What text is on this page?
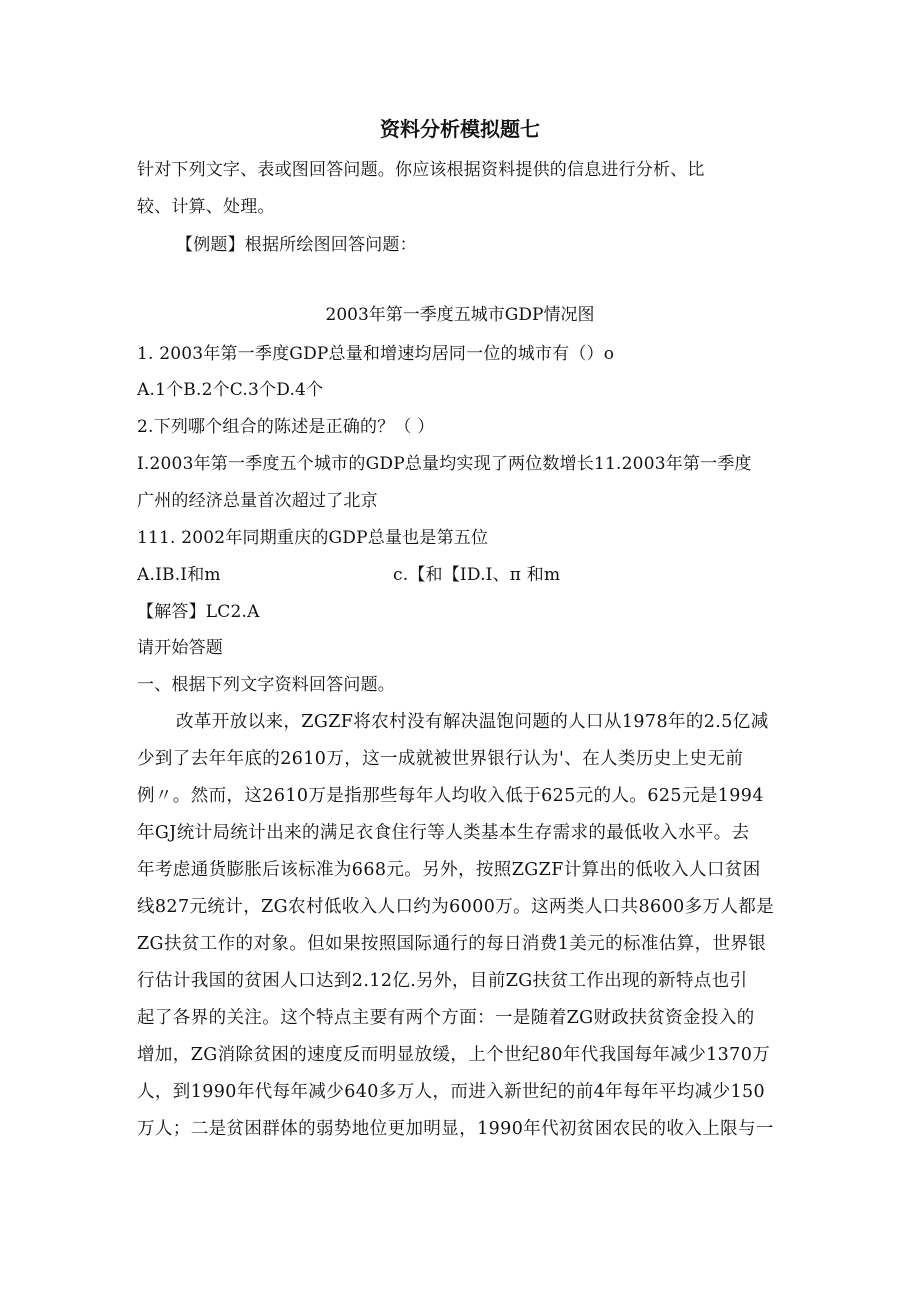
资料分析模拟题七
针对下列文字、表或图回答问题。你应该根据资料提供的信息进行分析、比
较、计算、处理。
【例题】根据所绘图回答问题：
2003年第一季度五城市GDP情况图
1. 2003年第一季度GDP总量和增速均居同一位的城市有（）o
A.1个B.2个C.3个D.4个
2.下列哪个组合的陈述是正确的？（ ）
I.2003年第一季度五个城市的GDP总量均实现了两位数增长11.2003年第一季度
广州的经济总量首次超过了北京
111. 2002年同期重庆的GDP总量也是第五位
A.IB.I和m	c.【和【ID.I、π 和m
【解答】LC2.A
请开始答题
一、根据下列文字资料回答问题。
改革开放以来，ZGZF将农村没有解决温饱问题的人口从1978年的2.5亿减
少到了去年年底的2610万，这一成就被世界银行认为'、在人类历史上史无前
例〃。然而，这2610万是指那些每年人均收入低于625元的人。625元是1994
年GJ统计局统计出来的满足衣食住行等人类基本生存需求的最低收入水平。去
年考虑通货膨胀后该标准为668元。另外，按照ZGZF计算出的低收入人口贫困
线827元统计，ZG农村低收入人口约为6000万。这两类人口共8600多万人都是
ZG扶贫工作的对象。但如果按照国际通行的每日消费1美元的标准估算，世界银
行估计我国的贫困人口达到2.12亿.另外，目前ZG扶贫工作出现的新特点也引
起了各界的关注。这个特点主要有两个方面：一是随着ZG财政扶贫资金投入的
增加，ZG消除贫困的速度反而明显放缓，上个世纪80年代我国每年减少1370万
人，到1990年代每年减少640多万人，而进入新世纪的前4年每年平均减少150
万人；二是贫困群体的弱势地位更加明显，1990年代初贫困农民的收入上限与一
